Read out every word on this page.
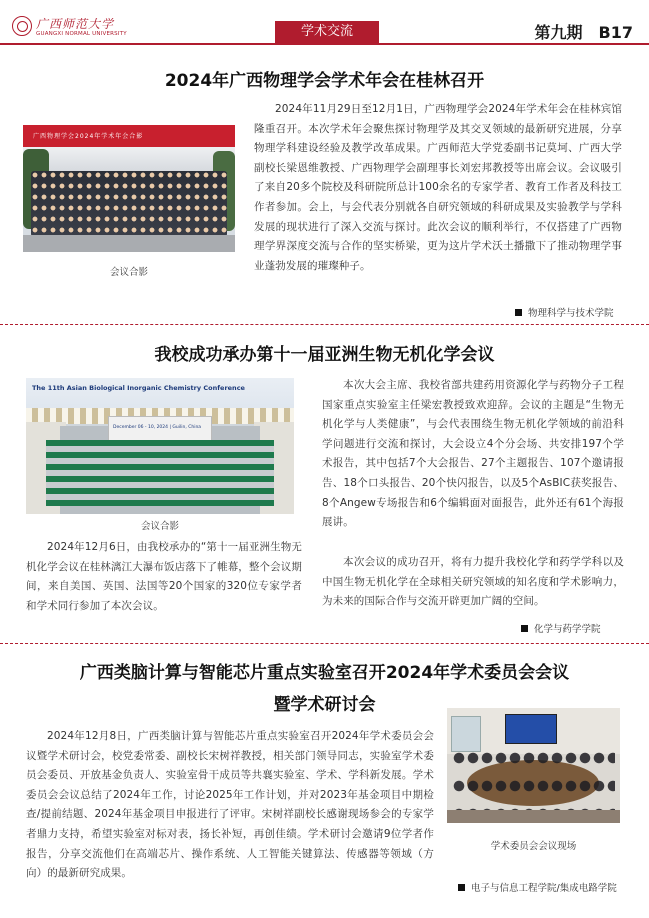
广西师范大学
GUANGXI NORMAL UNIVERSITY	学术交流	第九期　B17
2024年广西物理学会学术年会在桂林召开
广西物理学会2024年学术年会合影
会议合影
2024年11月29日至12月1日，广西物理学会2024年学术年会在桂林宾馆隆重召开。本次学术年会聚焦探讨物理学及其交叉领域的最新研究进展，分享物理学科建设经验及教学改革成果。广西师范大学党委副书记莫坷、广西大学副校长梁恩维教授、广西物理学会副理事长刘宏邦教授等出席会议。会议吸引了来自20多个院校及科研院所总计100余名的专家学者、教育工作者及科技工作者参加。会上，与会代表分别就各自研究领域的科研成果及实验教学与学科发展的现状进行了深入交流与探讨。此次会议的顺利举行，不仅搭建了广西物理学界深度交流与合作的坚实桥梁，更为这片学术沃土播撒下了推动物理学事业蓬勃发展的璀璨种子。
物理科学与技术学院
我校成功承办第十一届亚洲生物无机化学会议
The 11th Asian Biological Inorganic Chemistry Conference
December 06 - 10, 2024 | Guilin, China
会议合影
2024年12月6日，由我校承办的“第十一届亚洲生物无机化学会议在桂林漓江大瀑布饭店落下了帷幕，整个会议期间，来自美国、英国、法国等20个国家的320位专家学者和学术同行参加了本次会议。
本次大会主席、我校省部共建药用资源化学与药物分子工程国家重点实验室主任梁宏教授致欢迎辞。会议的主题是“生物无机化学与人类健康”，与会代表围绕生物无机化学领域的前沿科学问题进行交流和探讨，大会设立4个分会场、共安排197个学术报告，其中包括7个大会报告、27个主题报告、107个邀请报告、18个口头报告、20个快闪报告，以及5个AsBIC获奖报告、8个Angew专场报告和6个编辑面对面报告，此外还有61个海报展讲。
本次会议的成功召开，将有力提升我校化学和药学学科以及中国生物无机化学在全球相关研究领域的知名度和学术影响力，为未来的国际合作与交流开辟更加广阔的空间。
化学与药学学院
广西类脑计算与智能芯片重点实验室召开2024年学术委员会会议
暨学术研讨会
2024年12月8日，广西类脑计算与智能芯片重点实验室召开2024年学术委员会会议暨学术研讨会，校党委常委、副校长宋树祥教授，相关部门领导同志，实验室学术委员会委员、开放基金负责人、实验室骨干成员等共襄实验室、学术、学科新发展。学术委员会会议总结了2024年工作，讨论2025年工作计划，并对2023年基金项目中期检查/提前结题、2024年基金项目申报进行了评审。宋树祥副校长感谢现场参会的专家学者鼎力支持，希望实验室对标对表，扬长补短，再创佳绩。学术研讨会邀请9位学者作报告，分享交流他们在高端芯片、操作系统、人工智能关键算法、传感器等领域（方向）的最新研究成果。
学术委员会会议现场
电子与信息工程学院/集成电路学院
